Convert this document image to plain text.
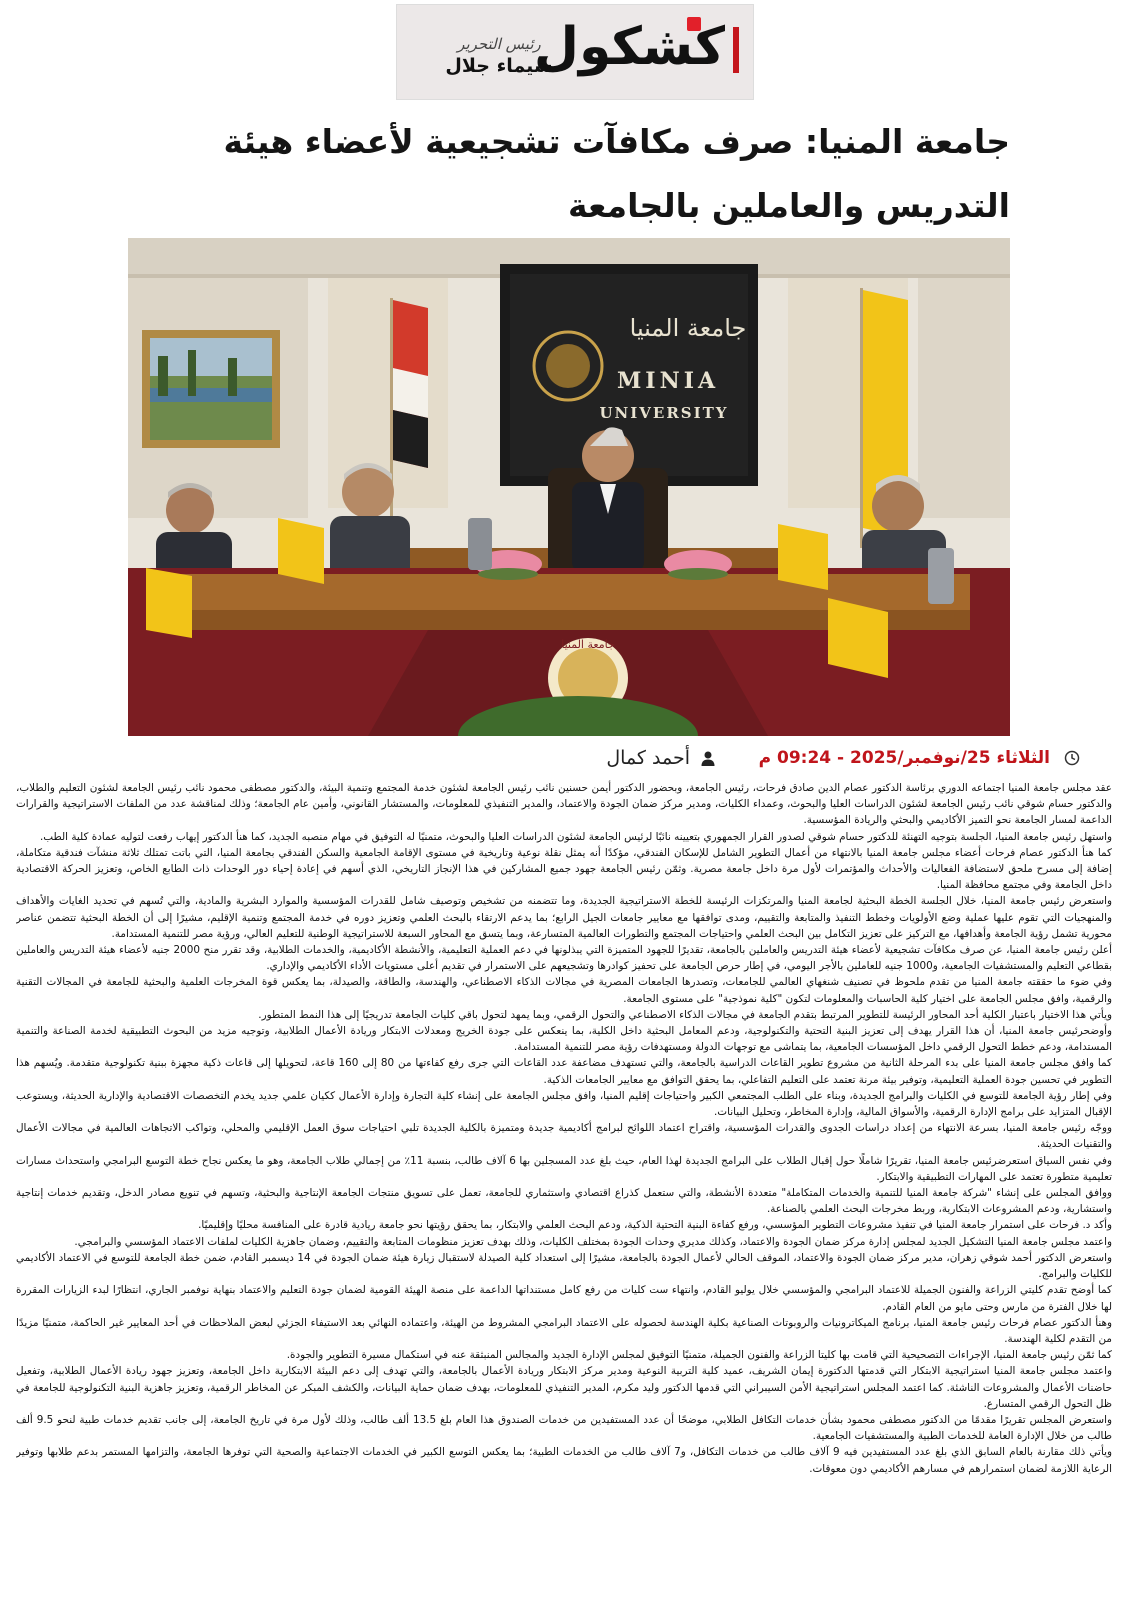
كشكول
رئيس التحرير
شيماء جلال
جامعة المنيا: صرف مكافآت تشجيعية لأعضاء هيئة التدريس والعاملين بالجامعة
جامعة المنيا
MINIA
UNIVERSITY
جامعة المنيا
الثلاثاء 25/نوفمبر/2025 - 09:24 م
أحمد كمال

عقد مجلس جامعة المنيا اجتماعه الدوري برئاسة الدكتور عصام الدين صادق فرحات، رئيس الجامعة، وبحضور الدكتور أيمن حسنين نائب رئيس الجامعة لشئون خدمة المجتمع وتنمية البيئة، والدكتور مصطفى محمود نائب رئيس الجامعة لشئون التعليم والطلاب، والدكتور حسام شوقي نائب رئيس الجامعة لشئون الدراسات العليا والبحوث، وعمداء الكليات، ومدير مركز ضمان الجودة والاعتماد، والمدير التنفيذي للمعلومات، والمستشار القانوني، وأمين عام الجامعة؛ وذلك لمناقشة عدد من الملفات الاستراتيجية والقرارات الداعمة لمسار الجامعة نحو التميز الأكاديمي والبحثي والريادة المؤسسية.

واستهل رئيس جامعة المنيا، الجلسة بتوجيه التهنئة للدكتور حسام شوقي لصدور القرار الجمهوري بتعيينه نائبًا لرئيس الجامعة لشئون الدراسات العليا والبحوث، متمنيًا له التوفيق في مهام منصبه الجديد، كما هنأ الدكتور إيهاب رفعت لتوليه عمادة كلية الطب.

كما هنأ الدكتور عصام فرحات أعضاء مجلس جامعة المنيا بالانتهاء من أعمال التطوير الشامل للإسكان الفندقي، مؤكدًا أنه يمثل نقلة نوعية وتاريخية في مستوى الإقامة الجامعية والسكن الفندقي بجامعة المنيا، التي باتت تمتلك ثلاثة منشآت فندقية متكاملة، إضافة إلى مسرح ملحق لاستضافة الفعاليات والأحداث والمؤتمرات لأول مرة داخل جامعة مصرية. وثمّن رئيس الجامعة جهود جميع المشاركين في هذا الإنجاز التاريخي، الذي أسهم في إعادة إحياء دور الوحدات ذات الطابع الخاص، وتعزيز الحركة الاقتصادية داخل الجامعة وفي مجتمع محافظة المنيا.

واستعرض رئيس جامعة المنيا، خلال الجلسة الخطة البحثية لجامعة المنيا والمرتكزات الرئيسة للخطة الاستراتيجية الجديدة، وما تتضمنه من تشخيص وتوصيف شامل للقدرات المؤسسية والموارد البشرية والمادية، والتي تُسهم في تحديد الغايات والأهداف والمنهجيات التي تقوم عليها عملية وضع الأولويات وخطط التنفيذ والمتابعة والتقييم، ومدى توافقها مع معايير جامعات الجيل الرابع؛ بما يدعم الارتقاء بالبحث العلمي وتعزيز دوره في خدمة المجتمع وتنمية الإقليم، مشيرًا إلى أن الخطة البحثية تتضمن عناصر محورية تشمل رؤية الجامعة وأهدافها، مع التركيز على تعزيز التكامل بين البحث العلمي واحتياجات المجتمع والتطورات العالمية المتسارعة، وبما يتسق مع المحاور السبعة للاستراتيجية الوطنية للتعليم العالي، ورؤية مصر للتنمية المستدامة.

أعلن رئيس جامعة المنيا، عن صرف مكافآت تشجيعية لأعضاء هيئة التدريس والعاملين بالجامعة، تقديرًا للجهود المتميزة التي يبذلونها في دعم العملية التعليمية، والأنشطة الأكاديمية، والخدمات الطلابية، وقد تقرر منح 2000 جنيه لأعضاء هيئة التدريس والعاملين بقطاعي التعليم والمستشفيات الجامعية، و1000 جنيه للعاملين بالأجر اليومي، في إطار حرص الجامعة على تحفيز كوادرها وتشجيعهم على الاستمرار في تقديم أعلى مستويات الأداء الأكاديمي والإداري.

وفي ضوء ما حققته جامعة المنيا من تقدم ملحوظ في تصنيف شنغهاي العالمي للجامعات، وتصدرها الجامعات المصرية في مجالات الذكاء الاصطناعي، والهندسة، والطاقة، والصيدلة، بما يعكس قوة المخرجات العلمية والبحثية للجامعة في المجالات التقنية والرقمية، وافق مجلس الجامعة على اختيار كلية الحاسبات والمعلومات لتكون "كلية نموذجية" على مستوى الجامعة.

ويأتي هذا الاختيار باعتبار الكلية أحد المحاور الرئيسة للتطوير المرتبط بتقدم الجامعة في مجالات الذكاء الاصطناعي والتحول الرقمي، وبما يمهد لتحول باقي كليات الجامعة تدريجيًا إلى هذا النمط المتطور.

وأوضحرئيس جامعة المنيا، أن هذا القرار يهدف إلى تعزيز البنية التحتية والتكنولوجية، ودعم المعامل البحثية داخل الكلية، بما ينعكس على جودة الخريج ومعدلات الابتكار وريادة الأعمال الطلابية، وتوجيه مزيد من البحوث التطبيقية لخدمة الصناعة والتنمية المستدامة، ودعم خطط التحول الرقمي داخل المؤسسات الجامعية، بما يتماشى مع توجهات الدولة ومستهدفات رؤية مصر للتنمية المستدامة.

كما وافق مجلس جامعة المنيا على بدء المرحلة الثانية من مشروع تطوير القاعات الدراسية بالجامعة، والتي تستهدف مضاعفة عدد القاعات التي جرى رفع كفاءتها من 80 إلى 160 قاعة، لتحويلها إلى قاعات ذكية مجهزة ببنية تكنولوجية متقدمة. ويُسهم هذا التطوير في تحسين جودة العملية التعليمية، وتوفير بيئة مرنة تعتمد على التعليم التفاعلي، بما يحقق التوافق مع معايير الجامعات الذكية.

وفي إطار رؤية الجامعة للتوسع في الكليات والبرامج الجديدة، وبناء على الطلب المجتمعي الكبير واحتياجات إقليم المنيا، وافق مجلس الجامعة على إنشاء كلية التجارة وإدارة الأعمال ككيان علمي جديد يخدم التخصصات الاقتصادية والإدارية الحديثة، ويستوعب الإقبال المتزايد على برامج الإدارة الرقمية، والأسواق المالية، وإدارة المخاطر، وتحليل البيانات.

ووجّه رئيس جامعة المنيا، بسرعة الانتهاء من إعداد دراسات الجدوى والقدرات المؤسسية، واقتراح اعتماد اللوائح لبرامج أكاديمية جديدة ومتميزة بالكلية الجديدة تلبي احتياجات سوق العمل الإقليمي والمحلي، وتواكب الاتجاهات العالمية في مجالات الأعمال والتقنيات الحديثة.

وفي نفس السياق استعرضرئيس جامعة المنيا، تقريرًا شاملًا حول إقبال الطلاب على البرامج الجديدة لهذا العام، حيث بلغ عدد المسجلين بها 6 آلاف طالب، بنسبة 11٪ من إجمالي طلاب الجامعة، وهو ما يعكس نجاح خطة التوسع البرامجي واستحداث مسارات تعليمية متطورة تعتمد على المهارات التطبيقية والابتكار.

ووافق المجلس على إنشاء "شركة جامعة المنيا للتنمية والخدمات المتكاملة" متعددة الأنشطة، والتي ستعمل كذراع اقتصادي واستثماري للجامعة، تعمل على تسويق منتجات الجامعة الإنتاجية والبحثية، وتسهم في تنويع مصادر الدخل، وتقديم خدمات إنتاجية واستشارية، ودعم المشروعات الابتكارية، وربط مخرجات البحث العلمي بالصناعة.

وأكد د. فرحات على استمرار جامعة المنيا في تنفيذ مشروعات التطوير المؤسسي، ورفع كفاءة البنية التحتية الذكية، ودعم البحث العلمي والابتكار، بما يحقق رؤيتها نحو جامعة ريادية قادرة على المنافسة محليًا وإقليميًا.

واعتمد مجلس جامعة المنيا التشكيل الجديد لمجلس إدارة مركز ضمان الجودة والاعتماد، وكذلك مديري وحدات الجودة بمختلف الكليات، وذلك بهدف تعزيز منظومات المتابعة والتقييم، وضمان جاهزية الكليات لملفات الاعتماد المؤسسي والبرامجي.

واستعرض الدكتور أحمد شوقي زهران، مدير مركز ضمان الجودة والاعتماد، الموقف الحالي لأعمال الجودة بالجامعة، مشيرًا إلى استعداد كلية الصيدلة لاستقبال زيارة هيئة ضمان الجودة في 14 ديسمبر القادم، ضمن خطة الجامعة للتوسع في الاعتماد الأكاديمي للكليات والبرامج.

كما أوضح تقدم كليتي الزراعة والفنون الجميلة للاعتماد البرامجي والمؤسسي خلال يوليو القادم، وانتهاء ست كليات من رفع كامل مستنداتها الداعمة على منصة الهيئة القومية لضمان جودة التعليم والاعتماد بنهاية نوفمبر الجاري، انتظارًا لبدء الزيارات المقررة لها خلال الفترة من مارس وحتى مايو من العام القادم.

وهنأ الدكتور عصام فرحات رئيس جامعة المنيا، برنامج الميكاترونيات والروبوتات الصناعية بكلية الهندسة لحصوله على الاعتماد البرامجي المشروط من الهيئة، واعتماده النهائي بعد الاستيفاء الجزئي لبعض الملاحظات في أحد المعايير غير الحاكمة، متمنيًا مزيدًا من التقدم لكلية الهندسة.

كما ثمّن رئيس جامعة المنيا، الإجراءات التصحيحية التي قامت بها كليتا الزراعة والفنون الجميلة، متمنيًا التوفيق لمجلس الإدارة الجديد والمجالس المنبثقة عنه في استكمال مسيرة التطوير والجودة.

واعتمد مجلس جامعة المنيا استراتيجية الابتكار التي قدمتها الدكتورة إيمان الشريف، عميد كلية التربية النوعية ومدير مركز الابتكار وريادة الأعمال بالجامعة، والتي تهدف إلى دعم البيئة الابتكارية داخل الجامعة، وتعزيز جهود ريادة الأعمال الطلابية، وتفعيل حاضنات الأعمال والمشروعات الناشئة. كما اعتمد المجلس استراتيجية الأمن السيبراني التي قدمها الدكتور وليد مكرم، المدير التنفيذي للمعلومات، بهدف ضمان حماية البيانات، والكشف المبكر عن المخاطر الرقمية، وتعزيز جاهزية البنية التكنولوجية للجامعة في ظل التحول الرقمي المتسارع.

واستعرض المجلس تقريرًا مقدمًا من الدكتور مصطفى محمود بشأن خدمات التكافل الطلابي، موضحًا أن عدد المستفيدين من خدمات الصندوق هذا العام بلغ 13.5 ألف طالب، وذلك لأول مرة في تاريخ الجامعة، إلى جانب تقديم خدمات طبية لنحو 9.5 ألف طالب من خلال الإدارة العامة للخدمات الطبية والمستشفيات الجامعية.

ويأتي ذلك مقارنة بالعام السابق الذي بلغ عدد المستفيدين فيه 9 آلاف طالب من خدمات التكافل، و7 آلاف طالب من الخدمات الطبية؛ بما يعكس التوسع الكبير في الخدمات الاجتماعية والصحية التي توفرها الجامعة، والتزامها المستمر بدعم طلابها وتوفير الرعاية اللازمة لضمان استمرارهم في مسارهم الأكاديمي دون معوقات.
